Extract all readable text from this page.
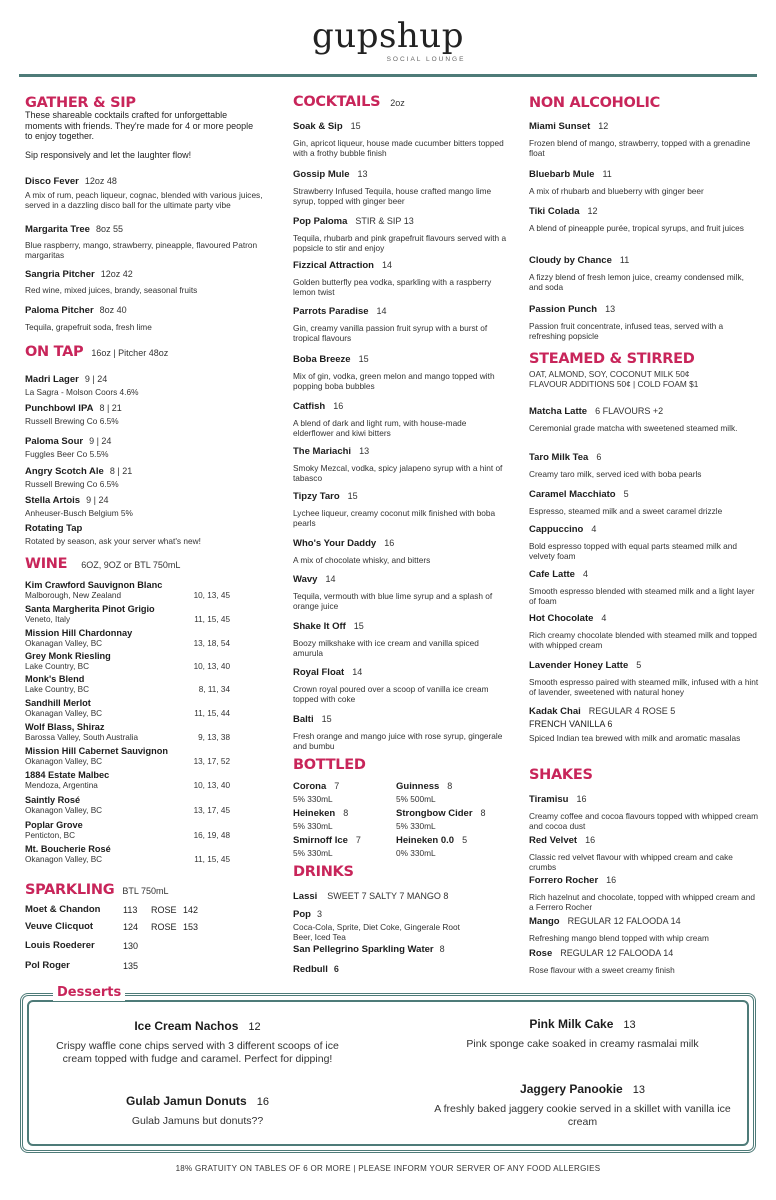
gupshup
SOCIAL LOUNGE
GATHER & SIP
These shareable cocktails crafted for unforgettable moments with friends. They're made for 4 or more people to enjoy together.
Sip responsively and let the laughter flow!
Disco Fever 12oz 48
A mix of rum, peach liqueur, cognac, blended with various juices, served in a dazzling disco ball for the ultimate party vibe
Margarita Tree 8oz 55
Blue raspberry, mango, strawberry, pineapple, flavoured Patron margaritas
Sangria Pitcher 12oz 42
Red wine, mixed juices, brandy, seasonal fruits
Paloma Pitcher 8oz 40
Tequila, grapefruit soda, fresh lime
ON TAP 16oz | Pitcher 48oz
Madri Lager 9 | 24
La Sagra - Molson Coors 4.6%
Punchbowl IPA 8 | 21
Russell Brewing Co 6.5%
Paloma Sour 9 | 24
Fuggles Beer Co 5.5%
Angry Scotch Ale 8 | 21
Russell Brewing Co 6.5%
Stella Artois 9 | 24
Anheuser-Busch Belgium 5%
Rotating Tap
Rotated by season, ask your server what's new!
WINE 6OZ, 9OZ or BTL 750mL
Kim Crawford Sauvignon Blanc
Malborough, New Zealand	10, 13, 45
Santa Margherita Pinot Grigio
Veneto, Italy	11, 15, 45
Mission Hill Chardonnay
Okanagan Valley, BC	13, 18, 54
Grey Monk Riesling
Lake Country, BC	10, 13, 40
Monk's Blend
Lake Country, BC	8, 11, 34
Sandhill Merlot
Okanagan Valley, BC	11, 15, 44
Wolf Blass, Shiraz
Barossa Valley, South Australia	9, 13, 38
Mission Hill Cabernet Sauvignon
Okanagon Valley, BC	13, 17, 52
1884 Estate Malbec
Mendoza, Argentina	10, 13, 40
Saintly Rosé
Okanagon Valley, BC	13, 17, 45
Poplar Grove
Penticton, BC	16, 19, 48
Mt. Boucherie Rosé
Okanagon Valley, BC	11, 15, 45
SPARKLING BTL 750mL
Moet & Chandon	113	ROSE 142
Veuve Clicquot	124	ROSE 153
Louis Roederer	130
Pol Roger	135
COCKTAILS 2oz
Soak & Sip 15
Gin, apricot liqueur, house made cucumber bitters topped with a frothy bubble finish
Gossip Mule 13
Strawberry Infused Tequila, house crafted mango lime syrup, topped with ginger beer
Pop Paloma STIR & SIP 13
Tequila, rhubarb and pink grapefruit flavours served with a popsicle to stir and enjoy
Fizzical Attraction 14
Golden butterfly pea vodka, sparkling with a raspberry lemon twist
Parrots Paradise 14
Gin, creamy vanilla passion fruit syrup with a burst of tropical flavours
Boba Breeze 15
Mix of gin, vodka, green melon and mango topped with popping boba bubbles
Catfish 16
A blend of dark and light rum, with house-made elderflower and kiwi bitters
The Mariachi 13
Smoky Mezcal, vodka, spicy jalapeno syrup with a hint of tabasco
Tipzy Taro 15
Lychee liqueur, creamy coconut milk finished with boba pearls
Who's Your Daddy 16
A mix of chocolate whisky, and bitters
Wavy 14
Tequila, vermouth with blue lime syrup and a splash of orange juice
Shake It Off 15
Boozy milkshake with ice cream and vanilla spiced amurula
Royal Float 14
Crown royal poured over a scoop of vanilla ice cream topped with coke
Balti 15
Fresh orange and mango juice with rose syrup, gingerale and bumbu
BOTTLED
Corona 7
5% 330mL
Guinness 8
5% 500mL
Heineken 8
5% 330mL
Strongbow Cider 8
5% 330mL
Smirnoff Ice 7
5% 330mL
Heineken 0.0 5
0% 330mL
DRINKS
Lassi SWEET 7 SALTY 7 MANGO 8
Pop 3
Coca-Cola, Sprite, Diet Coke, Gingerale Root Beer, Iced Tea
San Pellegrino Sparkling Water 8
Redbull 6
NON ALCOHOLIC
Miami Sunset 12
Frozen blend of mango, strawberry, topped with a grenadine float
Bluebarb Mule 11
A mix of rhubarb and blueberry with ginger beer
Tiki Colada 12
A blend of pineapple purée, tropical syrups, and fruit juices
Cloudy by Chance 11
A fizzy blend of fresh lemon juice, creamy condensed milk, and soda
Passion Punch 13
Passion fruit concentrate, infused teas, served with a refreshing popsicle
STEAMED & STIRRED
OAT, ALMOND, SOY, COCONUT MILK 50¢
FLAVOUR ADDITIONS 50¢ | COLD FOAM $1
Matcha Latte 6 FLAVOURS +2
Ceremonial grade matcha with sweetened steamed milk.
Taro Milk Tea 6
Creamy taro milk, served iced with boba pearls
Caramel Macchiato 5
Espresso, steamed milk and a sweet caramel drizzle
Cappuccino 4
Bold espresso topped with equal parts steamed milk and velvety foam
Cafe Latte 4
Smooth espresso blended with steamed milk and a light layer of foam
Hot Chocolate 4
Rich creamy chocolate blended with steamed milk and topped with whipped cream
Lavender Honey Latte 5
Smooth espresso paired with steamed milk, infused with a hint of lavender, sweetened with natural honey
Kadak Chai REGULAR 4 ROSE 5
FRENCH VANILLA 6
Spiced Indian tea brewed with milk and aromatic masalas
SHAKES
Tiramisu 16
Creamy coffee and cocoa flavours topped with whipped cream and cocoa dust
Red Velvet 16
Classic red velvet flavour with whipped cream and cake crumbs
Forrero Rocher 16
Rich hazelnut and chocolate, topped with whipped cream and a Ferrero Rocher
Mango REGULAR 12 FALOODA 14
Refreshing mango blend topped with whip cream
Rose REGULAR 12 FALOODA 14
Rose flavour with a sweet creamy finish
Desserts
Ice Cream Nachos 12
Crispy waffle cone chips served with 3 different scoops of ice cream topped with fudge and caramel. Perfect for dipping!
Pink Milk Cake 13
Pink sponge cake soaked in creamy rasmalai milk
Gulab Jamun Donuts 16
Gulab Jamuns but donuts??
Jaggery Panookie 13
A freshly baked jaggery cookie served in a skillet with vanilla ice cream
18% GRATUITY ON TABLES OF 6 OR MORE | PLEASE INFORM YOUR SERVER OF ANY FOOD ALLERGIES
